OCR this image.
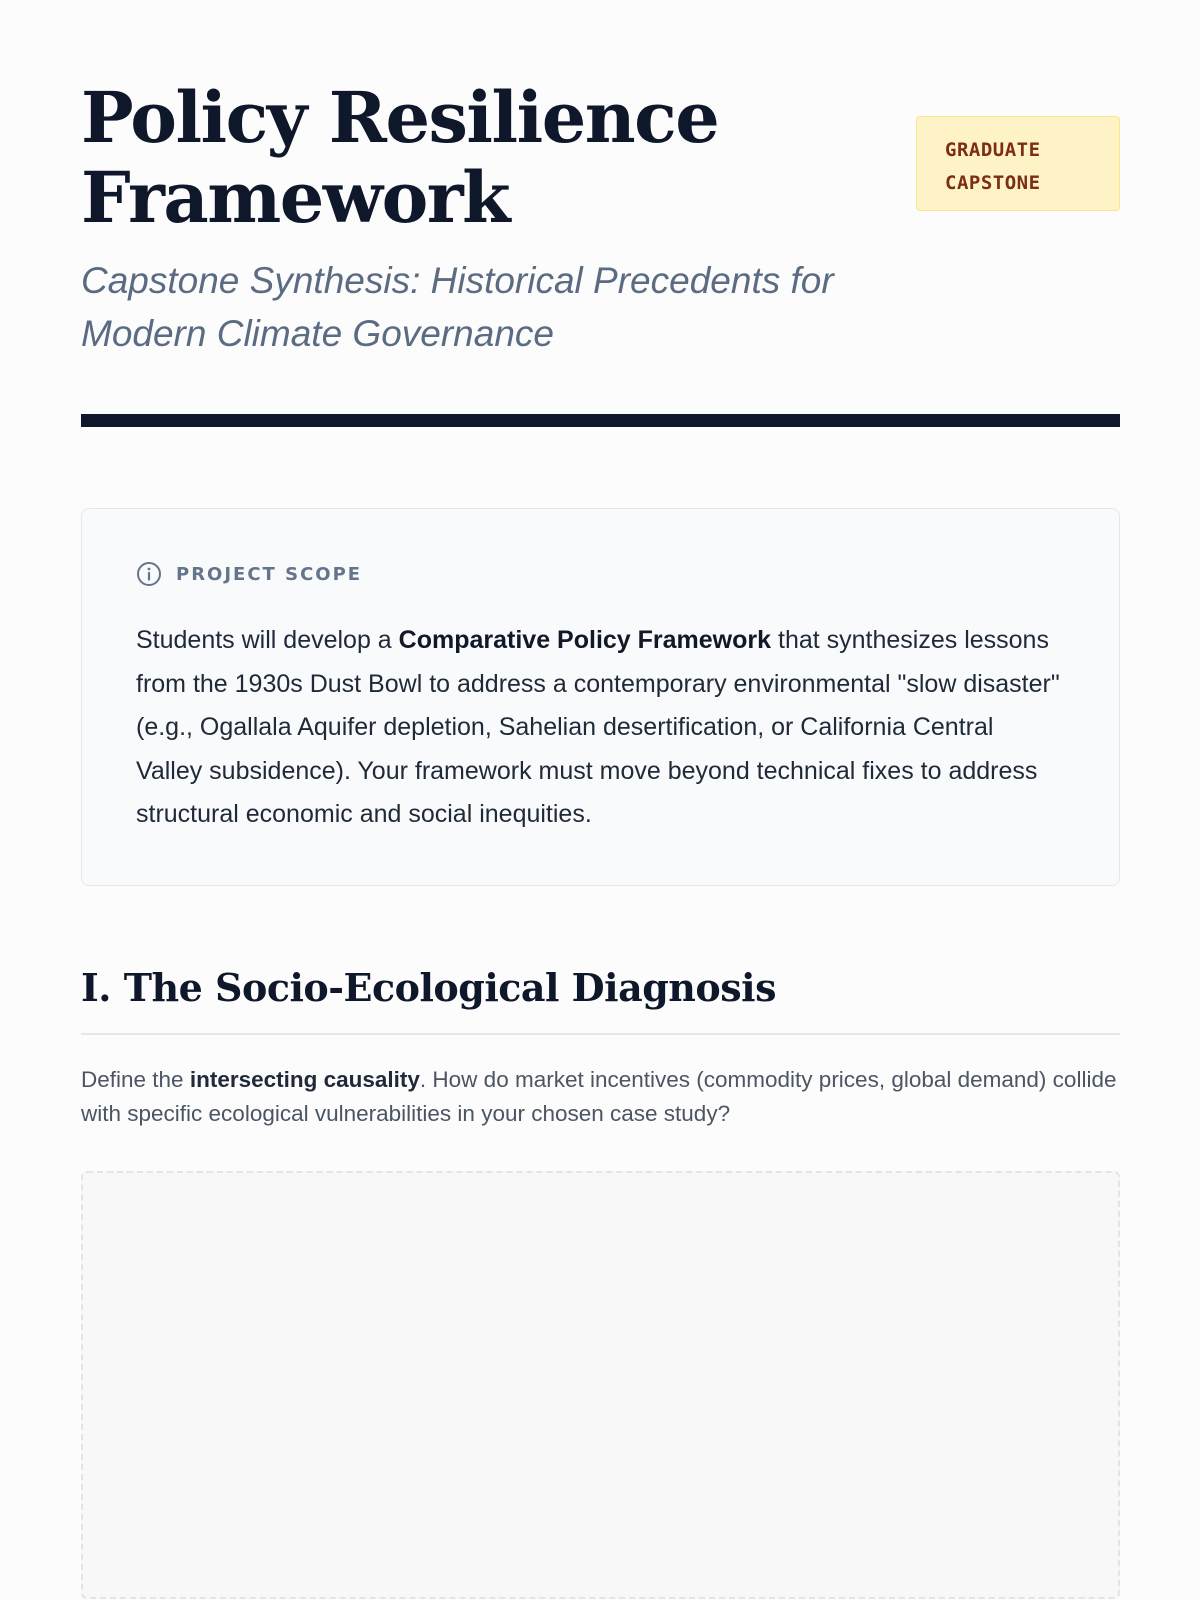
Policy Resilience
Framework
Capstone Synthesis: Historical Precedents for
Modern Climate Governance
GRADUATE
CAPSTONE
PROJECT SCOPE

Students will develop a Comparative Policy Framework that synthesizes lessons from the 1930s Dust Bowl to address a contemporary environmental "slow disaster" (e.g., Ogallala Aquifer depletion, Sahelian desertification, or California Central Valley subsidence). Your framework must move beyond technical fixes to address structural economic and social inequities.

I. The Socio-Ecological Diagnosis

Define the intersecting causality. How do market incentives (commodity prices, global demand) collide with specific ecological vulnerabilities in your chosen case study?
